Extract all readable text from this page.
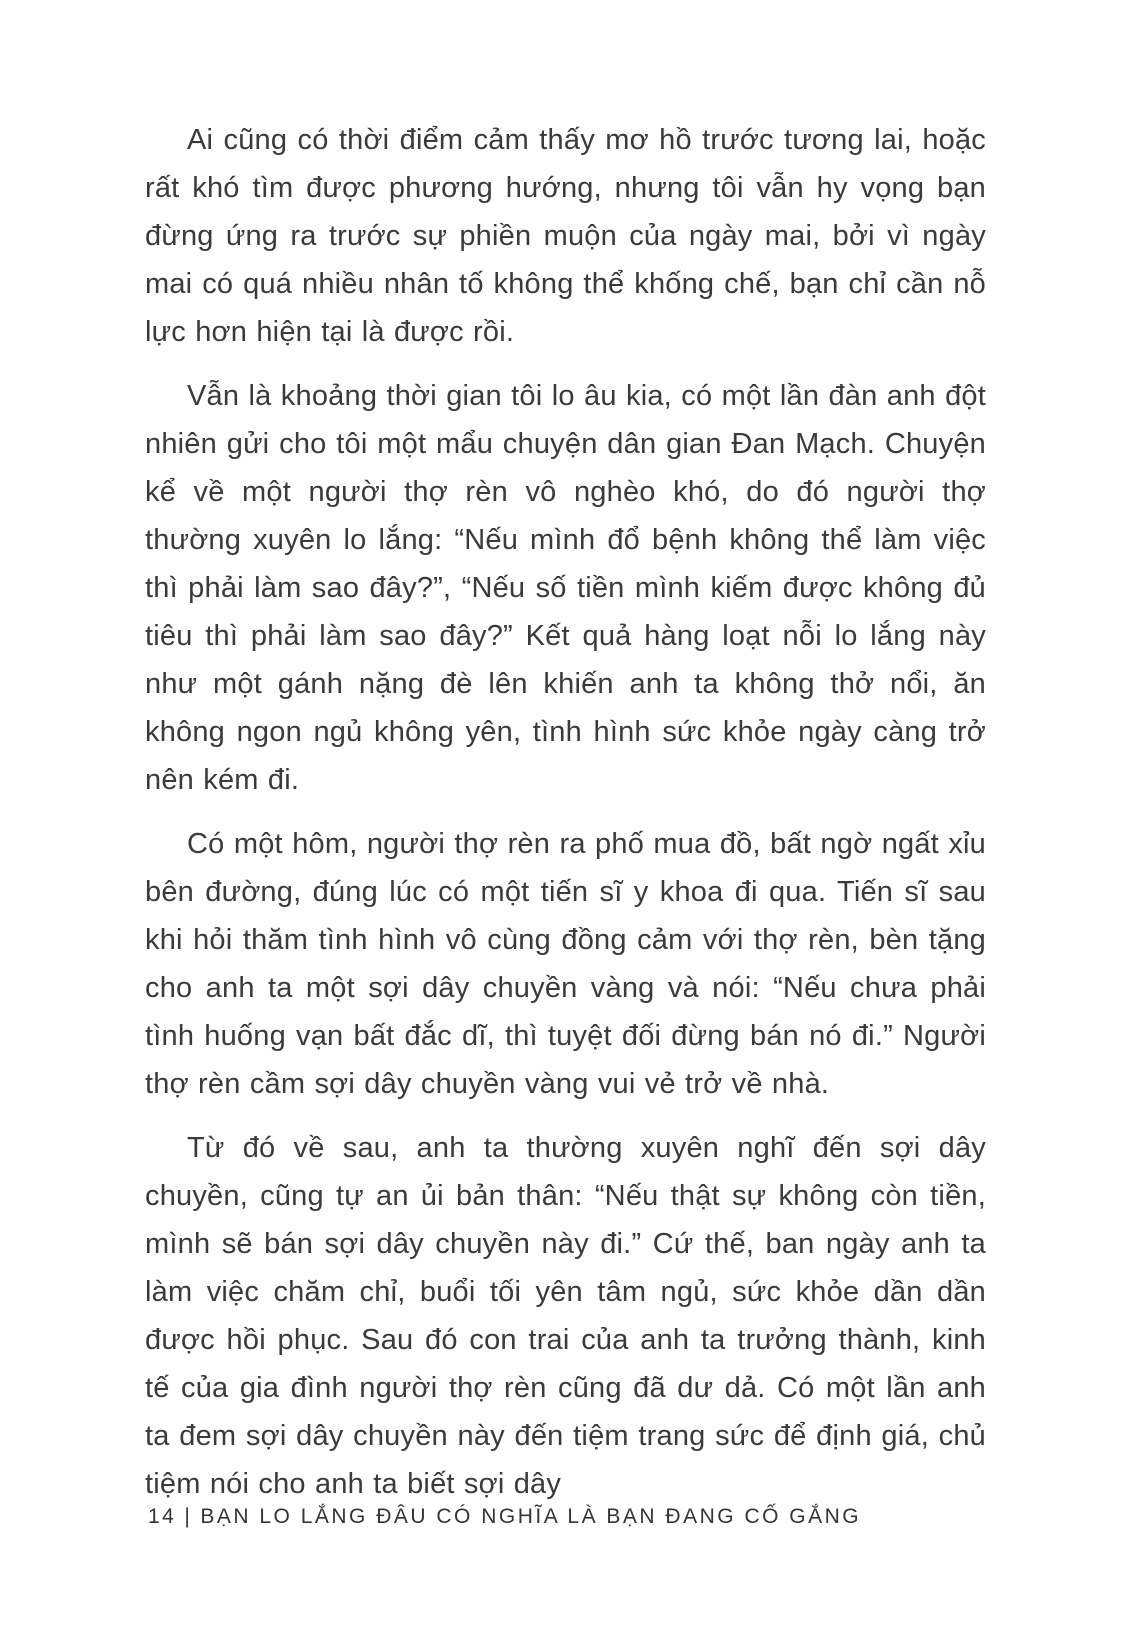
Ai cũng có thời điểm cảm thấy mơ hồ trước tương lai, hoặc rất khó tìm được phương hướng, nhưng tôi vẫn hy vọng bạn đừng ứng ra trước sự phiền muộn của ngày mai, bởi vì ngày mai có quá nhiều nhân tố không thể khống chế, bạn chỉ cần nỗ lực hơn hiện tại là được rồi.

Vẫn là khoảng thời gian tôi lo âu kia, có một lần đàn anh đột nhiên gửi cho tôi một mẩu chuyện dân gian Đan Mạch. Chuyện kể về một người thợ rèn vô nghèo khó, do đó người thợ thường xuyên lo lắng: “Nếu mình đổ bệnh không thể làm việc thì phải làm sao đây?”, “Nếu số tiền mình kiếm được không đủ tiêu thì phải làm sao đây?” Kết quả hàng loạt nỗi lo lắng này như một gánh nặng đè lên khiến anh ta không thở nổi, ăn không ngon ngủ không yên, tình hình sức khỏe ngày càng trở nên kém đi.

Có một hôm, người thợ rèn ra phố mua đồ, bất ngờ ngất xỉu bên đường, đúng lúc có một tiến sĩ y khoa đi qua. Tiến sĩ sau khi hỏi thăm tình hình vô cùng đồng cảm với thợ rèn, bèn tặng cho anh ta một sợi dây chuyền vàng và nói: “Nếu chưa phải tình huống vạn bất đắc dĩ, thì tuyệt đối đừng bán nó đi.” Người thợ rèn cầm sợi dây chuyền vàng vui vẻ trở về nhà.

Từ đó về sau, anh ta thường xuyên nghĩ đến sợi dây chuyền, cũng tự an ủi bản thân: “Nếu thật sự không còn tiền, mình sẽ bán sợi dây chuyền này đi.” Cứ thế, ban ngày anh ta làm việc chăm chỉ, buổi tối yên tâm ngủ, sức khỏe dần dần được hồi phục. Sau đó con trai của anh ta trưởng thành, kinh tế của gia đình người thợ rèn cũng đã dư dả. Có một lần anh ta đem sợi dây chuyền này đến tiệm trang sức để định giá, chủ tiệm nói cho anh ta biết sợi dây

14 | BẠN LO LẮNG ĐÂU CÓ NGHĨA LÀ BẠN ĐANG CỐ GẮNG
